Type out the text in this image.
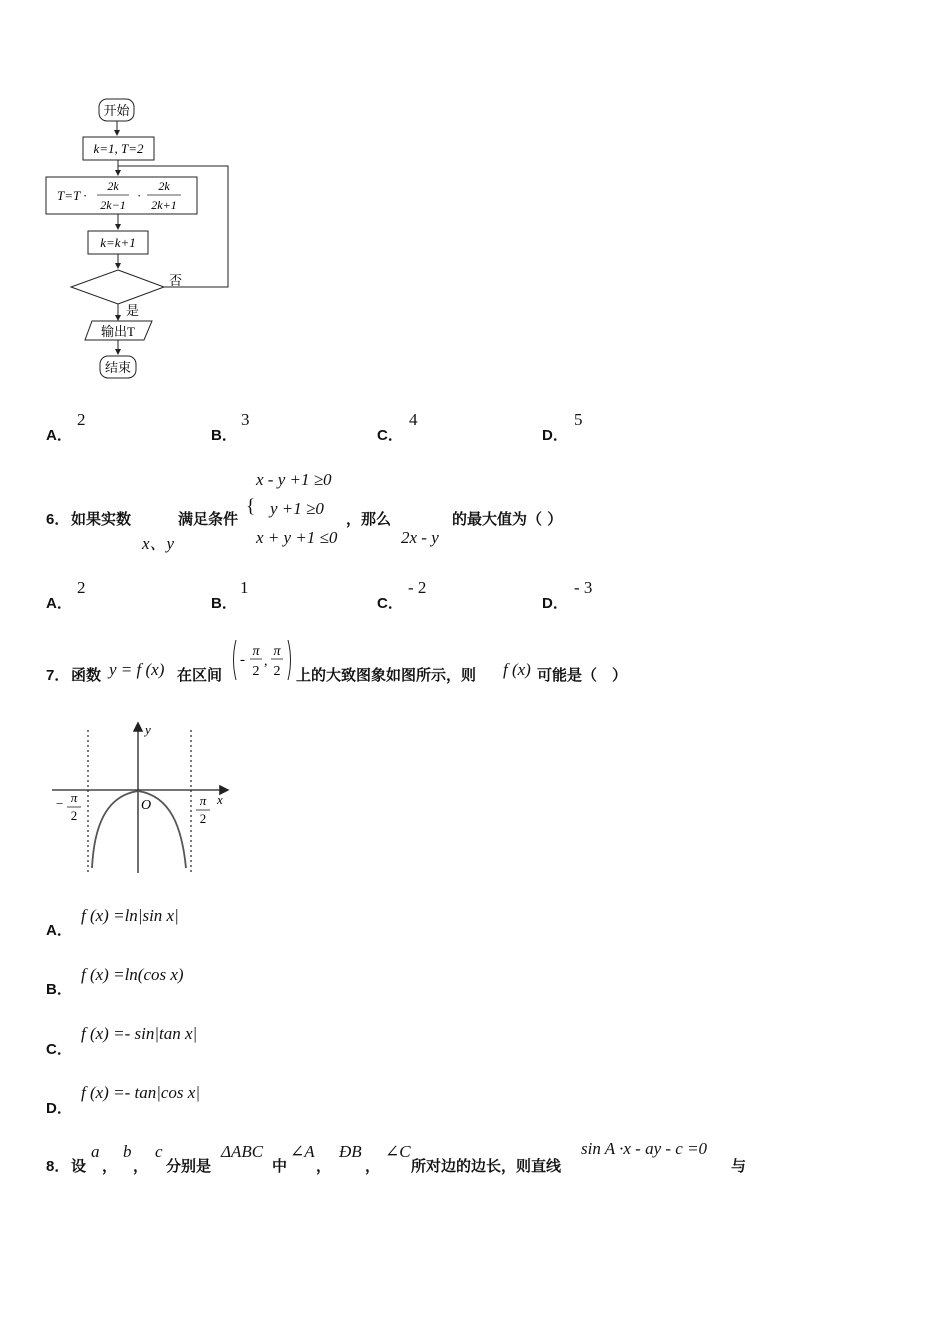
开始
k=1, T=2
T=T ·
2k
2k−1
·
2k
2k+1
k=k+1
否
是
输出T
结束
A．
2
B．
3
C．
4
D．
5
x - y +1 ≥0
6． 如果实数	满足条件
{ y +1 ≥0
，那么	的最大值为（ ）
x、y	x + y +1 ≤0	2x - y
A．
2
B．
1
C．
- 2
D．
- 3
7． 函数 y = f (x) 在区间
-
π
2
,
π
2 上的大致图象如图所示，则 f (x) 可能是（　）
y
x
O
− π
2
π
2
A．
f (x) =ln|sin x|
B．
f (x) =ln(cos x)
C．
f (x) =- sin|tan x|
D．
f (x) =- tan|cos x|
8． 设
a
，
b
，
c
分别是
ΔABC
中
∠A
，
ÐB
，
∠C
所对边的边长，则直线
sin A ·x - ay - c =0
与
